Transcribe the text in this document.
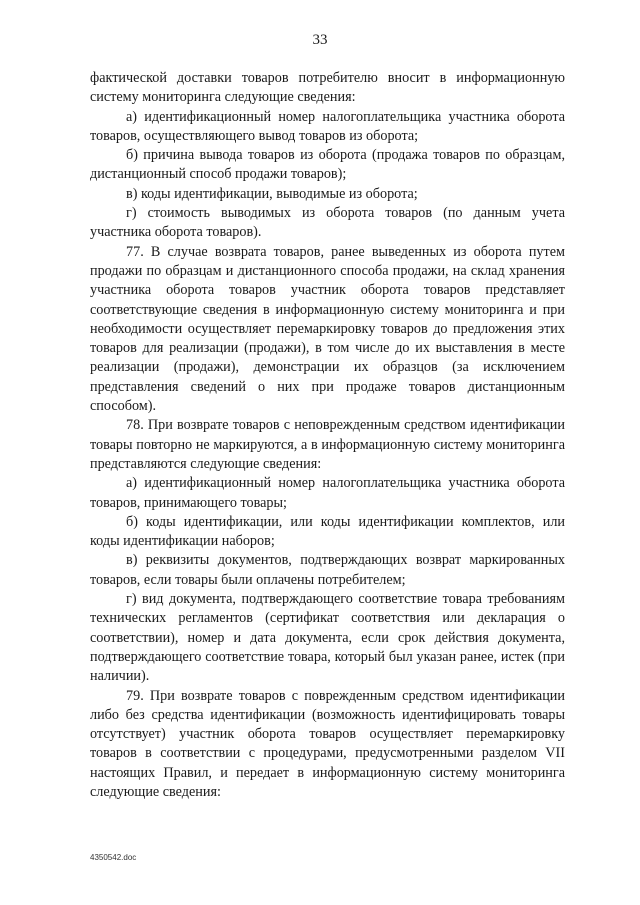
33

фактической доставки товаров потребителю вносит в информационную систему мониторинга следующие сведения:

а) идентификационный номер налогоплательщика участника оборота товаров, осуществляющего вывод товаров из оборота;

б) причина вывода товаров из оборота (продажа товаров по образцам, дистанционный способ продажи товаров);

в) коды идентификации, выводимые из оборота;

г) стоимость выводимых из оборота товаров (по данным учета участника оборота товаров).

77. В случае возврата товаров, ранее выведенных из оборота путем продажи по образцам и дистанционного способа продажи, на склад хранения участника оборота товаров участник оборота товаров представляет соответствующие сведения в информационную систему мониторинга и при необходимости осуществляет перемаркировку товаров до предложения этих товаров для реализации (продажи), в том числе до их выставления в месте реализации (продажи), демонстрации их образцов (за исключением представления сведений о них при продаже товаров дистанционным способом).

78. При возврате товаров с неповрежденным средством идентификации товары повторно не маркируются, а в информационную систему мониторинга представляются следующие сведения:

а) идентификационный номер налогоплательщика участника оборота товаров, принимающего товары;

б) коды идентификации, или коды идентификации комплектов, или коды идентификации наборов;

в) реквизиты документов, подтверждающих возврат маркированных товаров, если товары были оплачены потребителем;

г) вид документа, подтверждающего соответствие товара требованиям технических регламентов (сертификат соответствия или декларация о соответствии), номер и дата документа, если срок действия документа, подтверждающего соответствие товара, который был указан ранее, истек (при наличии).

79. При возврате товаров с поврежденным средством идентификации либо без средства идентификации (возможность идентифицировать товары отсутствует) участник оборота товаров осуществляет перемаркировку товаров в соответствии с процедурами, предусмотренными разделом VII настоящих Правил, и передает в информационную систему мониторинга следующие сведения:

4350542.doc
